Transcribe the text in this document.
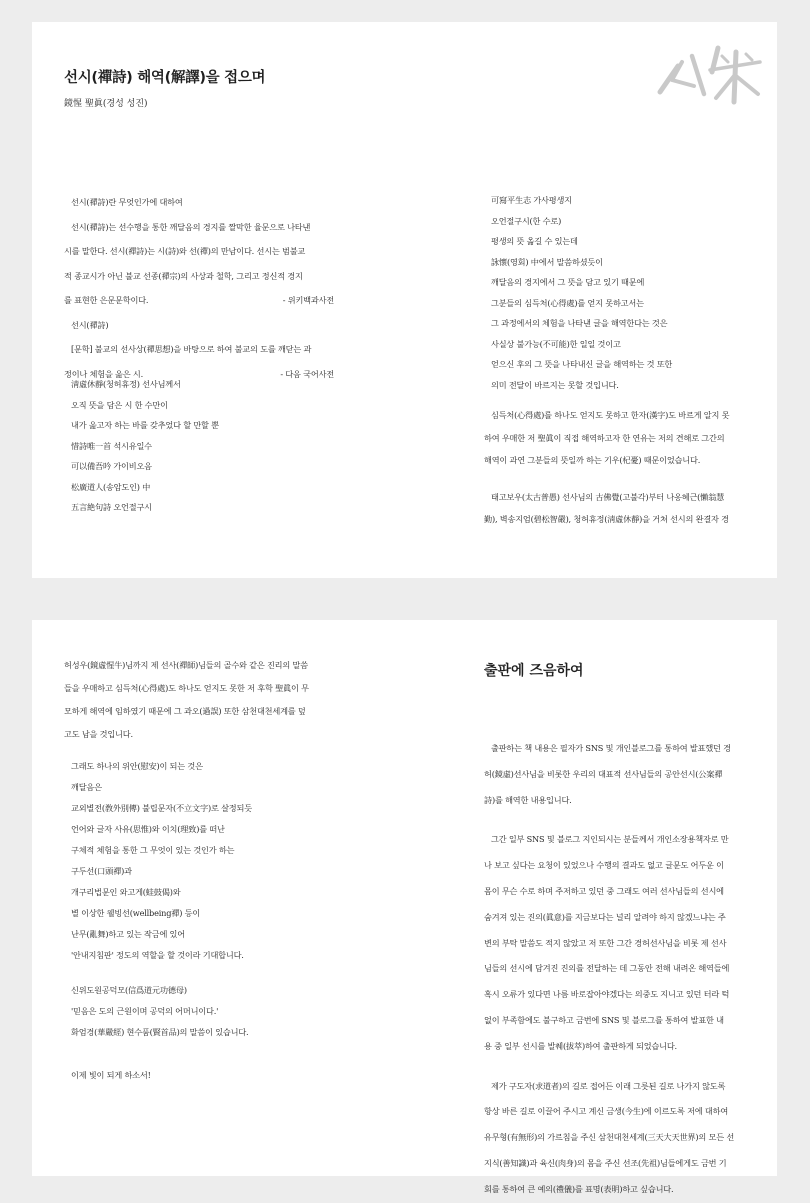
선시(禪詩) 해역(解譯)을 접으며
鏡惺 聖眞(경성 성진)
公案

선시(禪詩)란 무엇인가에 대하여

선시(禪詩)는 선수행을 통한 깨달음의 경지를 짤막한 율문으로 나타낸

시를 말한다. 선시(禪詩)는 시(詩)와 선(禪)의 만남이다. 선시는 범불교

적 종교시가 아닌 불교 선종(禪宗)의 사상과 철학, 그리고 정신적 경지

를 표현한 은문문학이다.	- 위키백과사전

선시(禪詩)

[문학] 불교의 선사상(禪思想)을 바탕으로 하여 불교의 도를 깨닫는 과

정이나 체험을 읊은 시.	- 다음 국어사전

淸虛休靜(청허휴정) 선사님께서

오직 뜻을 담은 시 한 수만이

내가 읊고자 하는 바를 갖추었다 할 만할 뿐

惜詩唯一首 석시유일수

可以備吾吟 가이비오음

松廣道人(송암도인) 中

五言絶句詩 오언절구시

可寫平生志 가사평생지

오언절구시(한 수로)

평생의 뜻 옮길 수 있는데

詠懷(영회) 中에서 말씀하셨듯이

깨달음의 경지에서 그 뜻을 담고 있기 때문에

그분들의 심득처(心得處)를 얻지 못하고서는

그 과정에서의 체험을 나타낸 글을 해역한다는 것은

사실상 불가능(不可能)한 일일 것이고

얻으신 후의 그 뜻을 나타내신 글을 해역하는 것 또한

의미 전달이 바르지는 못할 것입니다.

심득처(心得處)를 하나도 얻지도 못하고 한자(漢字)도 바르게 알지 못

하여 우매한 저 聖眞이 직접 해역하고자 한 연유는 저의 견해로 그간의

해역이 과연 그분들의 뜻일까 하는 기우(杞憂) 때문이었습니다.

태고보우(太古普愚) 선사님의 古佛覺(고불각)부터 나옹혜근(懶翁慧

勤), 벽송지엄(碧松智嚴), 청허휴정(淸虛休靜)을 거쳐 선시의 완결자 경

허성우(鏡虛惺牛)님까지 제 선사(禪師)님들의 골수와 같은 진리의 말씀

들을 우매하고 심득처(心得處)도 하나도 얻지도 못한 저 후학 聖眞이 무

모하게 해역에 임하였기 때문에 그 과오(過誤) 또한 삼천대천세계를 덮

고도 남을 것입니다.

그래도 하나의 위안(慰安)이 되는 것은

깨달음은

교외별전(敎外別傳) 불립문자(不立文字)로 살정되듯

언어와 글자 사유(思惟)와 이치(理致)를 떠난

구체적 체험을 통한 그 무엇이 있는 것인가 하는

구두선(口頭禪)과

개구리법문인 와고게(蛙鼓偈)와

별 이상한 웰빙선(wellbeing禪) 등이

난무(亂舞)하고 있는 작금에 있어

'안내지침판' 정도의 역할을 할 것이라 기대합니다.

신위도원공덕모(信爲道元功德母)

'믿음은 도의 근원이며 공덕의 어머니이다.'

화엄경(華嚴經) 현수품(賢首品)의 말씀이 있습니다.

이제 빛이 되게 하소서!

출판에 즈음하여

출판하는 책 내용은 필자가 SNS 및 개인블로그를 통하여 발표했던 경

허(鏡虛)선사님을 비롯한 우리의 대표적 선사님들의 공안선시(公案禪

詩)를 해역한 내용입니다.

그간 일부 SNS 및 블로그 지인되시는 분들께서 개인소장용책자로 만

나 보고 싶다는 요청이 있었으나 수행의 결과도 없고 글문도 어두운 이

몸이 무슨 수로 하며 주저하고 있던 중 그래도 여러 선사님들의 선시에

숨겨져 있는 진의(眞意)를 지금보다는 널리 알려야 하지 않겠느냐는 주

변의 부탁 말씀도 적지 않았고 저 또한 그간 경허선사님을 비롯 제 선사

님들의 선시에 담겨진 진의를 전달하는 데 그동안 전해 내려온 해역들에

혹시 오류가 있다면 나름 바로잡아야겠다는 의중도 지니고 있던 터라 턱

없이 부족함에도 불구하고 금번에 SNS 및 블로그를 통하여 발표한 내

용 중 일부 선시를 발췌(拔萃)하여 출판하게 되었습니다.

제가 구도자(求道者)의 길로 접어든 이래 그릇된 길로 나가지 않도록

항상 바른 길로 이끌어 주시고 계신 금생(今生)에 이르도록 저에 대하여

유무형(有無形)의 가르침을 주신 삼천대천세계(三天大天世界)의 모든 선

지식(善知識)과 육신(肉身)의 몸을 주신 선조(先祖)님들에게도 금번 기

회를 통하여 큰 예의(禮儀)를 표명(表明)하고 싶습니다.
